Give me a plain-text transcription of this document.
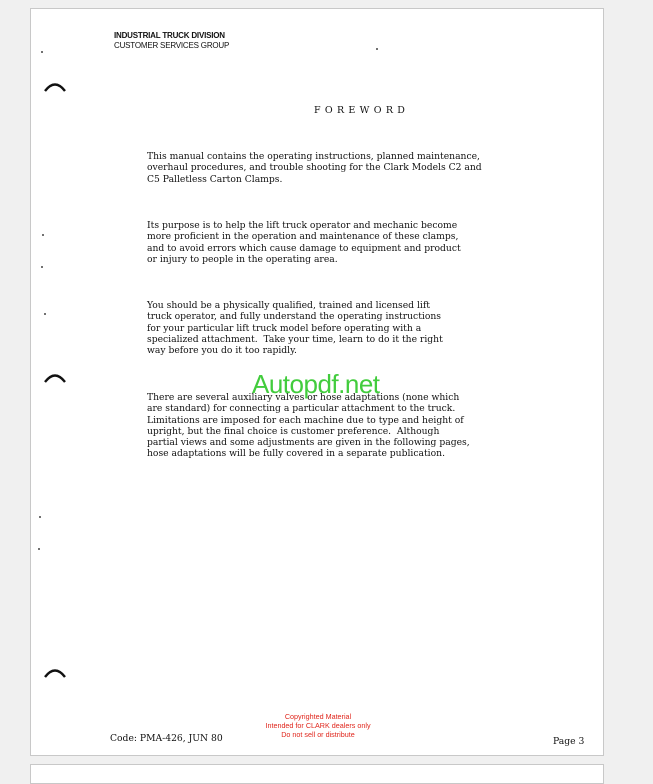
INDUSTRIAL TRUCK DIVISION
CUSTOMER SERVICES GROUP
FOREWORD
This manual contains the operating instructions, planned maintenance,
overhaul procedures, and trouble shooting for the Clark Models C2 and
C5 Palletless Carton Clamps.
Its purpose is to help the lift truck operator and mechanic become
more proficient in the operation and maintenance of these clamps,
and to avoid errors which cause damage to equipment and product
or injury to people in the operating area.
You should be a physically qualified, trained and licensed lift
truck operator, and fully understand the operating instructions
for your particular lift truck model before operating with a
specialized attachment.  Take your time, learn to do it the right
way before you do it too rapidly.
There are several auxiliary valves or hose adaptations (none which
are standard) for connecting a particular attachment to the truck.
Limitations are imposed for each machine due to type and height of
upright, but the final choice is customer preference.  Although
partial views and some adjustments are given in the following pages,
hose adaptations will be fully covered in a separate publication.
Autopdf.net
Copyrighted Material
Intended for CLARK dealers only
Do not sell or distribute
Code: PMA-426, JUN 80	Page 3
